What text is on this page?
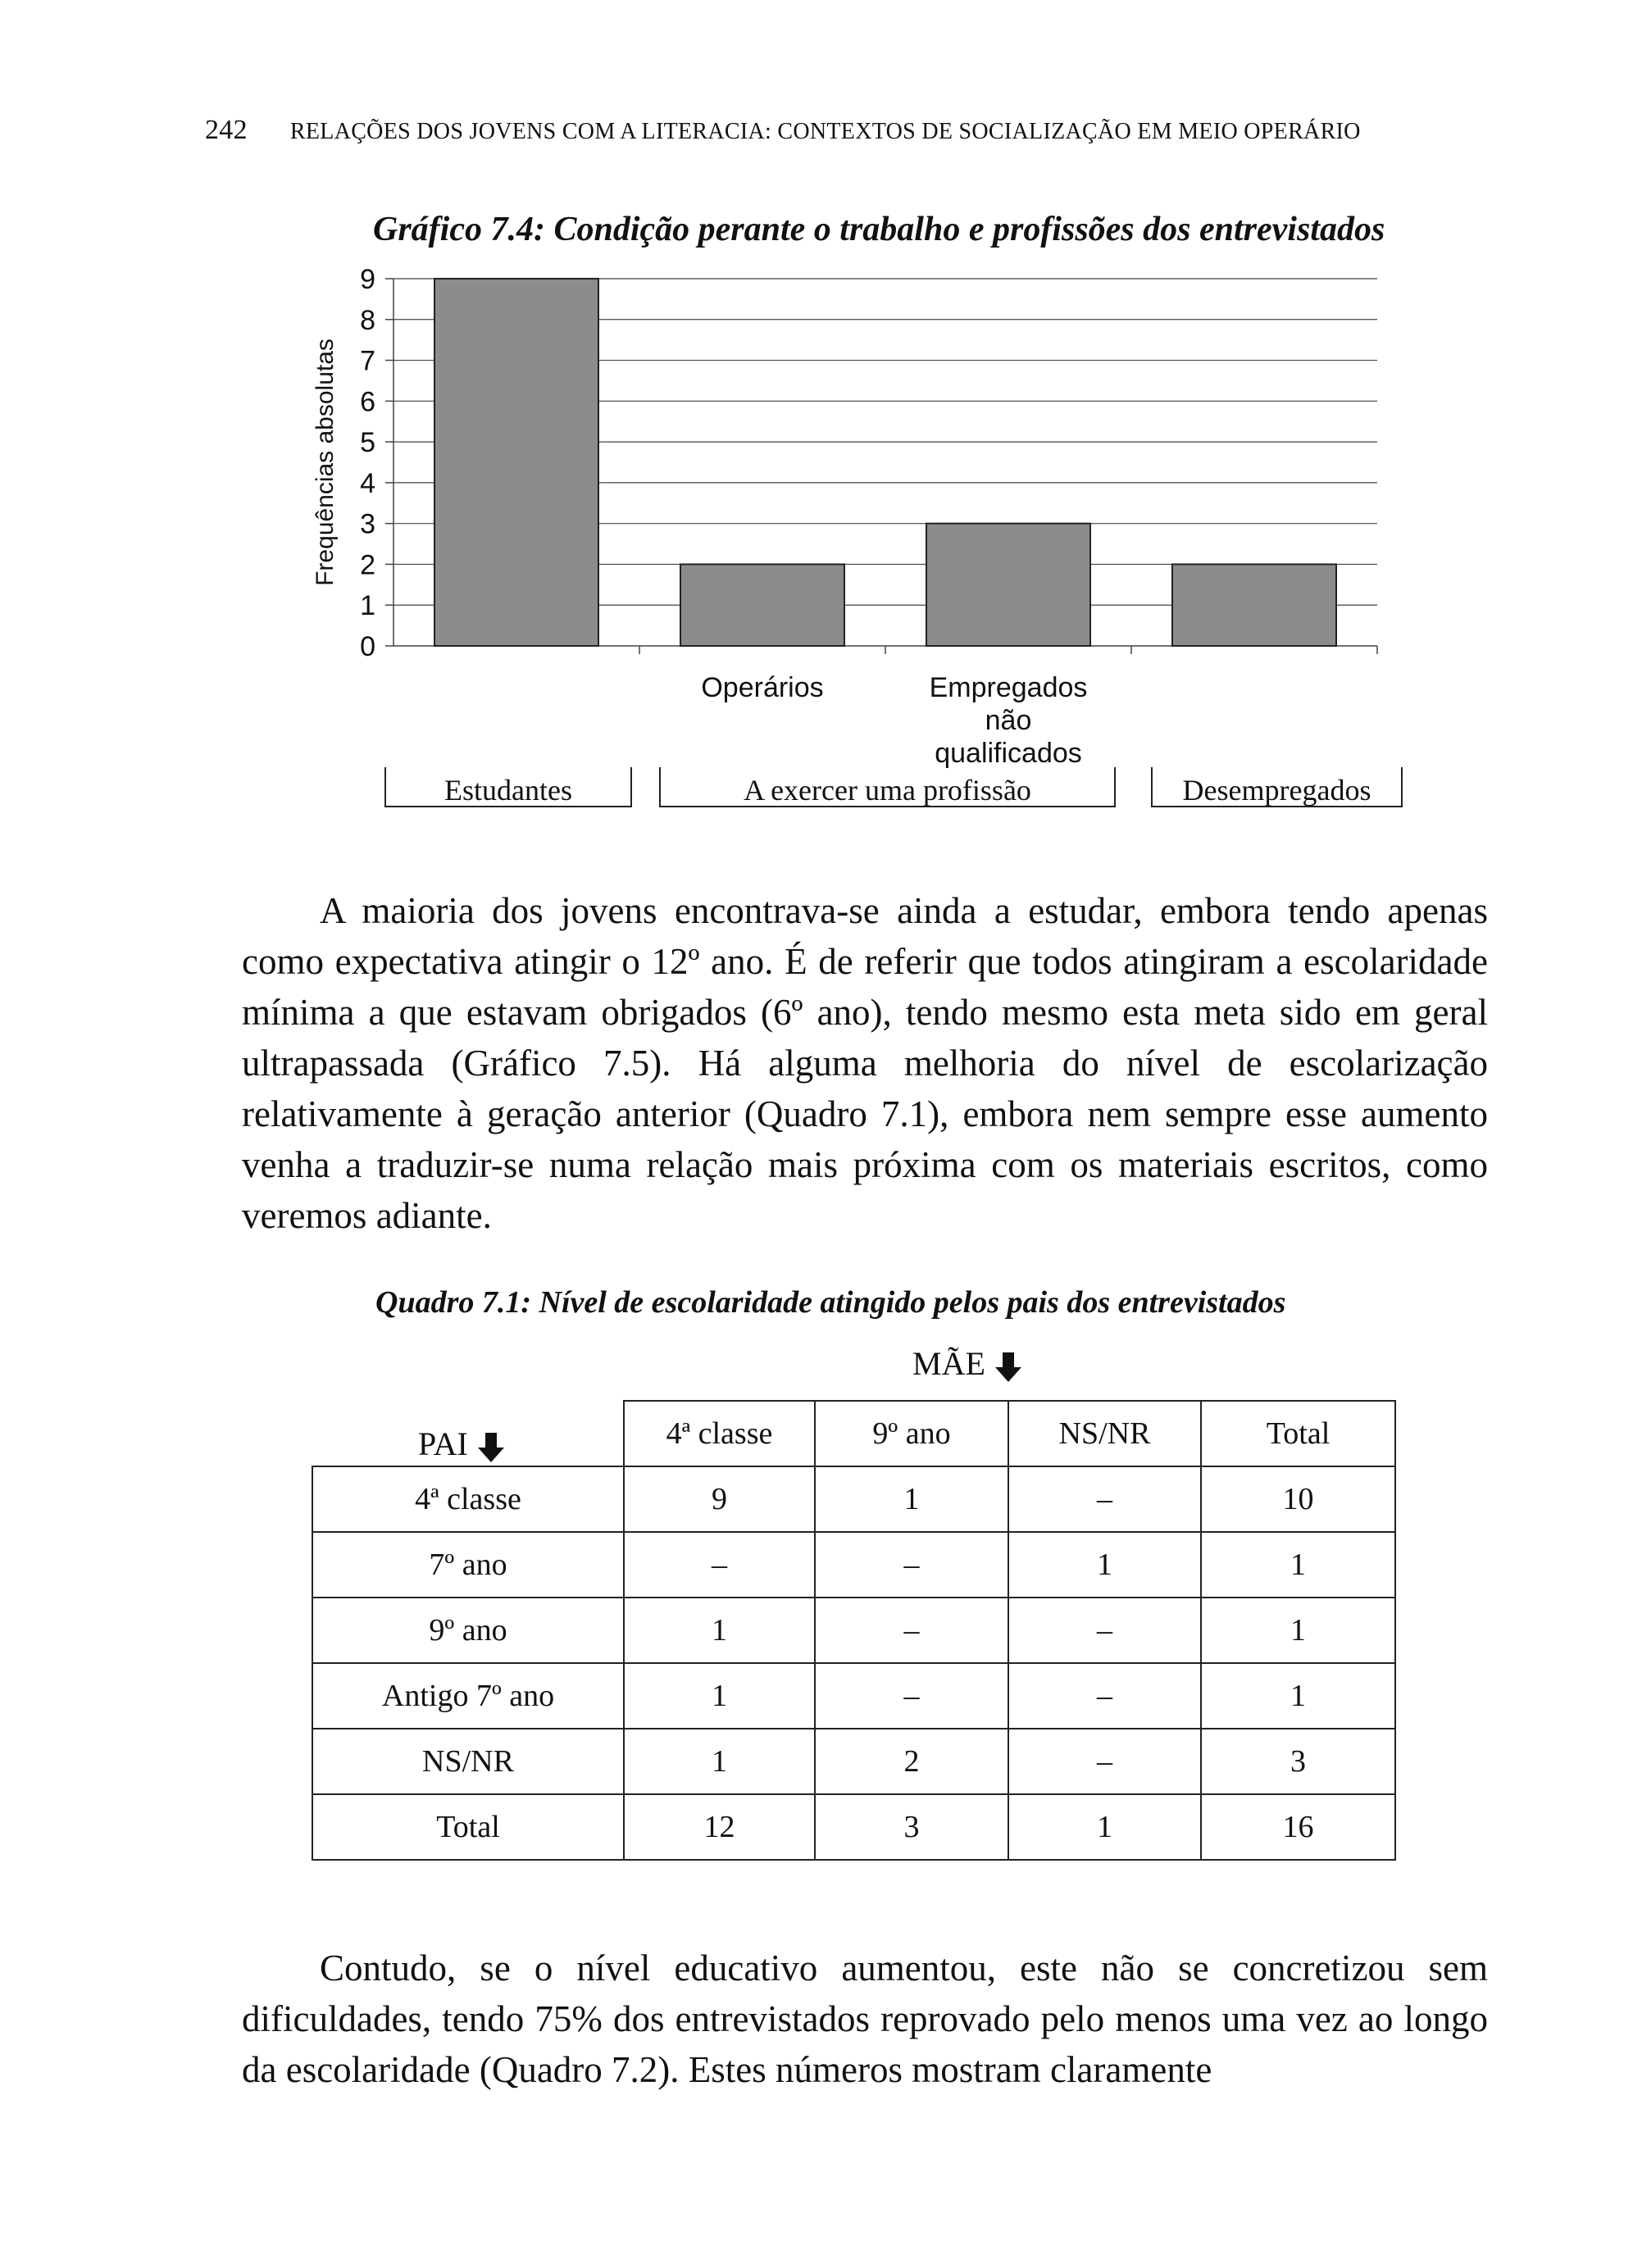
242 RELAÇÕES DOS JOVENS COM A LITERACIA: CONTEXTOS DE SOCIALIZAÇÃO EM MEIO OPERÁRIO
Gráfico 7.4: Condição perante o trabalho e profissões dos entrevistados
0
1
2
3
4
5
6
7
8
9
Frequências absolutas
Operários	Empregados
não
qualificados
Estudantes	A exercer uma profissão	Desempregados

A maioria dos jovens encontrava-se ainda a estudar, embora tendo apenas como expectativa atingir o 12º ano. É de referir que todos atingiram a escolaridade mínima a que estavam obrigados (6º ano), tendo mesmo esta meta sido em geral ultrapassada (Gráfico 7.5). Há alguma melhoria do nível de escolarização relativamente à geração anterior (Quadro 7.1), embora nem sempre esse aumento venha a traduzir-se numa relação mais próxima com os materiais escritos, como veremos adiante.

Quadro 7.1: Nível de escolaridade atingido pelos pais dos entrevistados
MÃE
PAI
		4ª classe	9º ano	NS/NR	Total
4ª classe	9	1	–	10
7º ano	–	–	1	1
9º ano	1	–	–	1
Antigo 7º ano	1	–	–	1
NS/NR	1	2	–	3
Total	12	3	1	16

Contudo, se o nível educativo aumentou, este não se concretizou sem dificuldades, tendo 75% dos entrevistados reprovado pelo menos uma vez ao longo da escolaridade (Quadro 7.2). Estes números mostram claramente
